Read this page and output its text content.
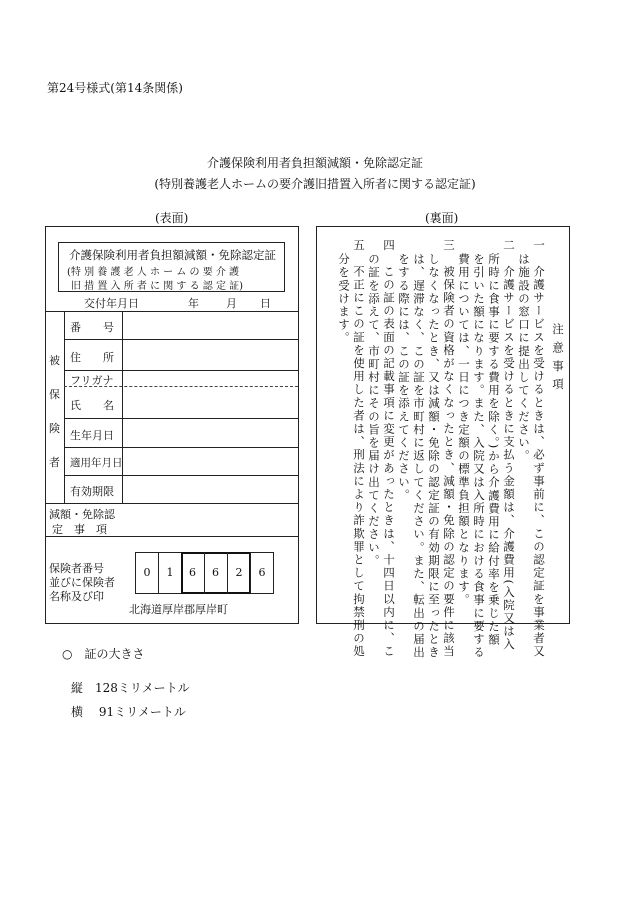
第24号様式(第14条関係)
介護保険利用者負担額減額・免除認定証
(特別養護老人ホームの要介護旧措置入所者に関する認定証)
(表面)	(裏面)
介護保険利用者負担額減額・免除認定証
(特 別 養 護 老 人 ホ ー ム の 要 介 護
旧 措 置 入 所 者 に 関 す る 認 定 証)
交付年月日	年 月 日
被
保
険
者
番　　号
住　　所
フリガナ
氏　　名
生年月日
適用年月日
有効期限
減額・免除認
定　事　項
保険者番号
並びに保険者
名称及び印
0	1	6	6	2	6
北海道厚岸郡厚岸町
注 意 事 項
一　介護サービスを受けるときは、必ず事前に、この認定証を事業者又
は施設の窓口に提出してください。
二　介護サービスを受けるときに支払う金額は、介護費用(入院又は入
所時に食事に要する費用を除く。)から介護費用に給付率を乗じた額
を引いた額になります。また、入院又は入所時における食事に要する
費用については、一日につき定額の標準負担額となります。
三　被保険者の資格がなくなったとき、減額・免除の認定の要件に該当
しなくなったとき、又は減額・免除の認定証の有効期限に至ったとき
は、遅滞なく、この証を市町村に返してください。また、転出の届出
をする際には、この証を添えてください。
四　この証の表面の記載事項に変更があったときは、十四日以内に、こ
の証を添えて、市町村にその旨を届け出てください。
五　不正にこの証を使用した者は、刑法により詐欺罪として拘禁刑の処
分を受けます。
○　証の大きさ
縦　128ミリメートル
横　 91ミリメートル
